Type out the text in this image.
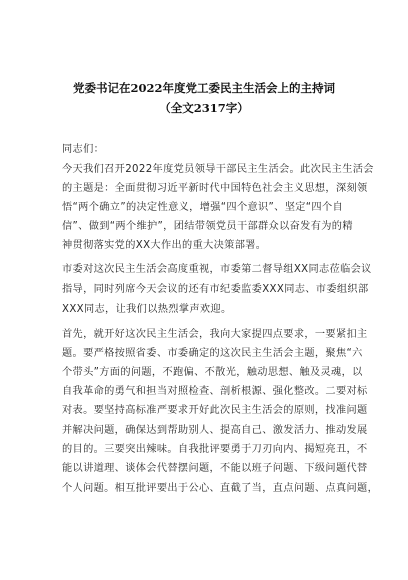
党委书记在2022年度党工委民主生活会上的主持词
（全文2317字）
同志们：
今天我们召开2022年度党员领导干部民主生活会。此次民主生活会
的主题是：全面贯彻习近平新时代中国特色社会主义思想，深刻领
悟“两个确立”的决定性意义，增强“四个意识”、坚定“四个自
信”、做到“两个维护”，团结带领党员干部群众以奋发有为的精
神贯彻落实党的XX大作出的重大决策部署。
市委对这次民主生活会高度重视，市委第二督导组XX同志莅临会议
指导，同时列席今天会议的还有市纪委监委XXX同志、市委组织部
XXX同志，让我们以热烈掌声欢迎。
首先，就开好这次民主生活会，我向大家提四点要求，一要紧扣主
题。要严格按照省委、市委确定的这次民主生活会主题，聚焦“六
个带头”方面的问题，不跑偏、不散光，触动思想、触及灵魂，以
自我革命的勇气和担当对照检查、剖析根源、强化整改。二要对标
对表。要坚持高标准严要求开好此次民主生活会的原则，找准问题
并解决问题，确保达到帮助别人、提高自己、激发活力、推动发展
的目的。三要突出辣味。自我批评要勇于刀刃向内、揭短亮丑，不
能以讲道理、谈体会代替摆问题，不能以班子问题、下级问题代替
个人问题。相互批评要出于公心、直截了当，直点问题、点真问题，
